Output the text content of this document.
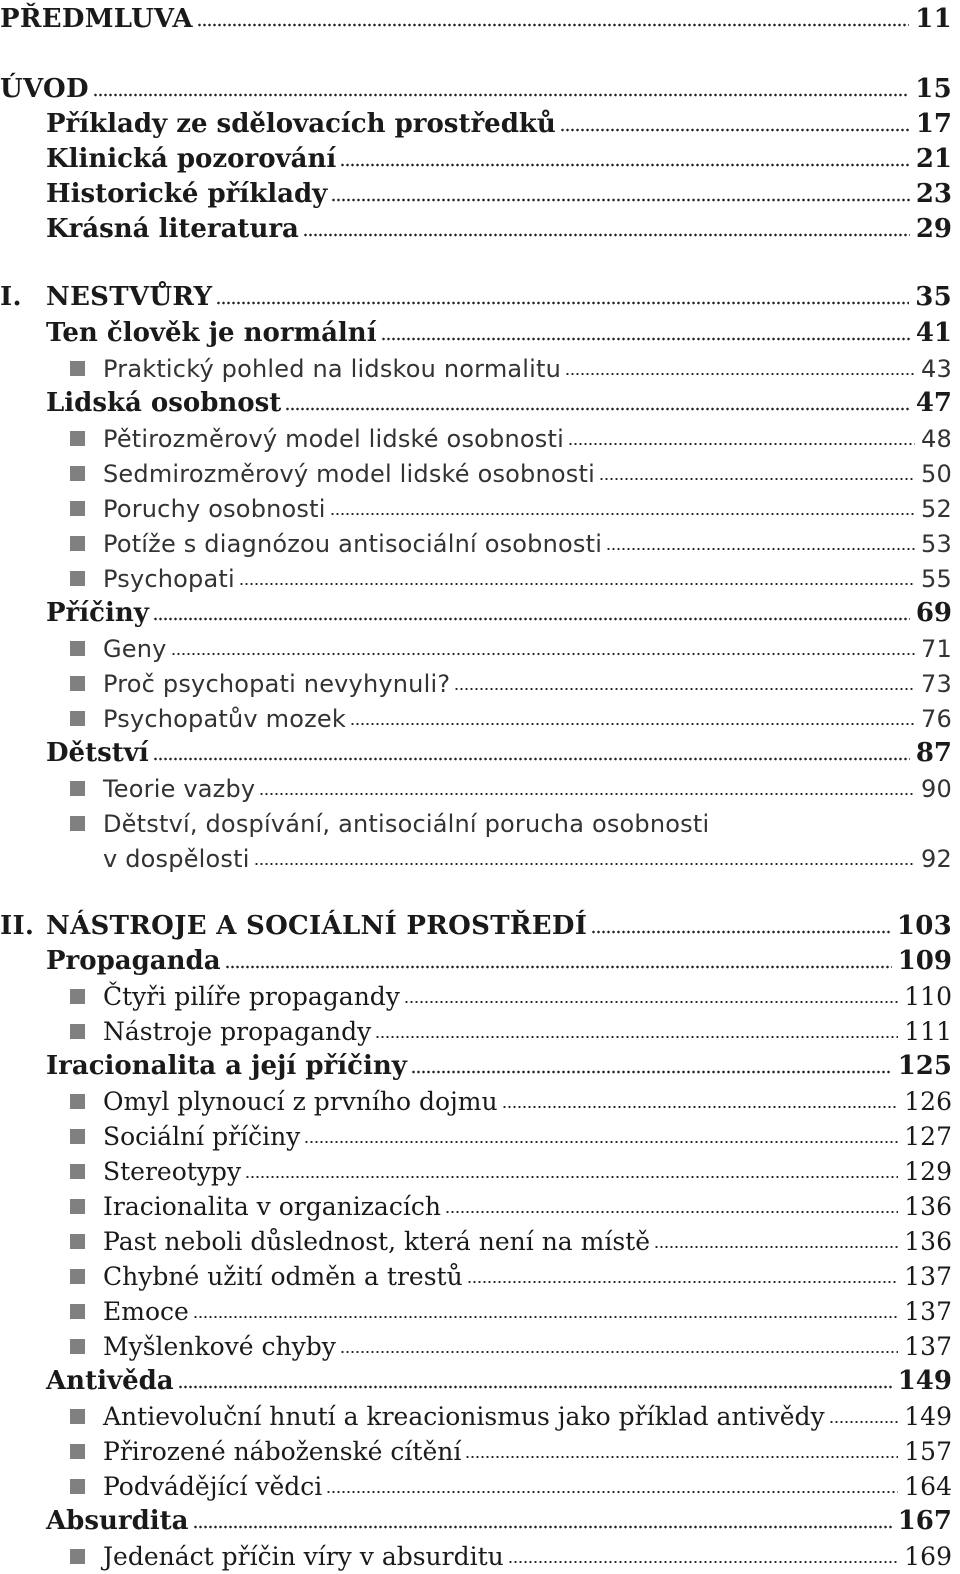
PŘEDMLUVA	11
ÚVOD	15
Příklady ze sdělovacích prostředků	17
Klinická pozorování	21
Historické příklady	23
Krásná literatura	29
I. NESTVŮRY	35
Ten člověk je normální	41
Praktický pohled na lidskou normalitu	43
Lidská osobnost	47
Pětirozměrový model lidské osobnosti	48
Sedmirozměrový model lidské osobnosti	50
Poruchy osobnosti	52
Potíže s diagnózou antisociální osobnosti	53
Psychopati	55
Příčiny	69
Geny	71
Proč psychopati nevyhynuli?	73
Psychopatův mozek	76
Dětství	87
Teorie vazby	90
Dětství, dospívání, antisociální porucha osobnosti
v dospělosti	92
II. NÁSTROJE A SOCIÁLNÍ PROSTŘEDÍ	103
Propaganda	109
Čtyři pilíře propagandy	110
Nástroje propagandy	111
Iracionalita a její příčiny	125
Omyl plynoucí z prvního dojmu	126
Sociální příčiny	127
Stereotypy	129
Iracionalita v organizacích	136
Past neboli důslednost, která není na místě	136
Chybné užití odměn a trestů	137
Emoce	137
Myšlenkové chyby	137
Antivěda	149
Antievoluční hnutí a kreacionismus jako příklad antivědy	149
Přirozené náboženské cítění	157
Podvádějící vědci	164
Absurdita	167
Jedenáct příčin víry v absurditu	169
